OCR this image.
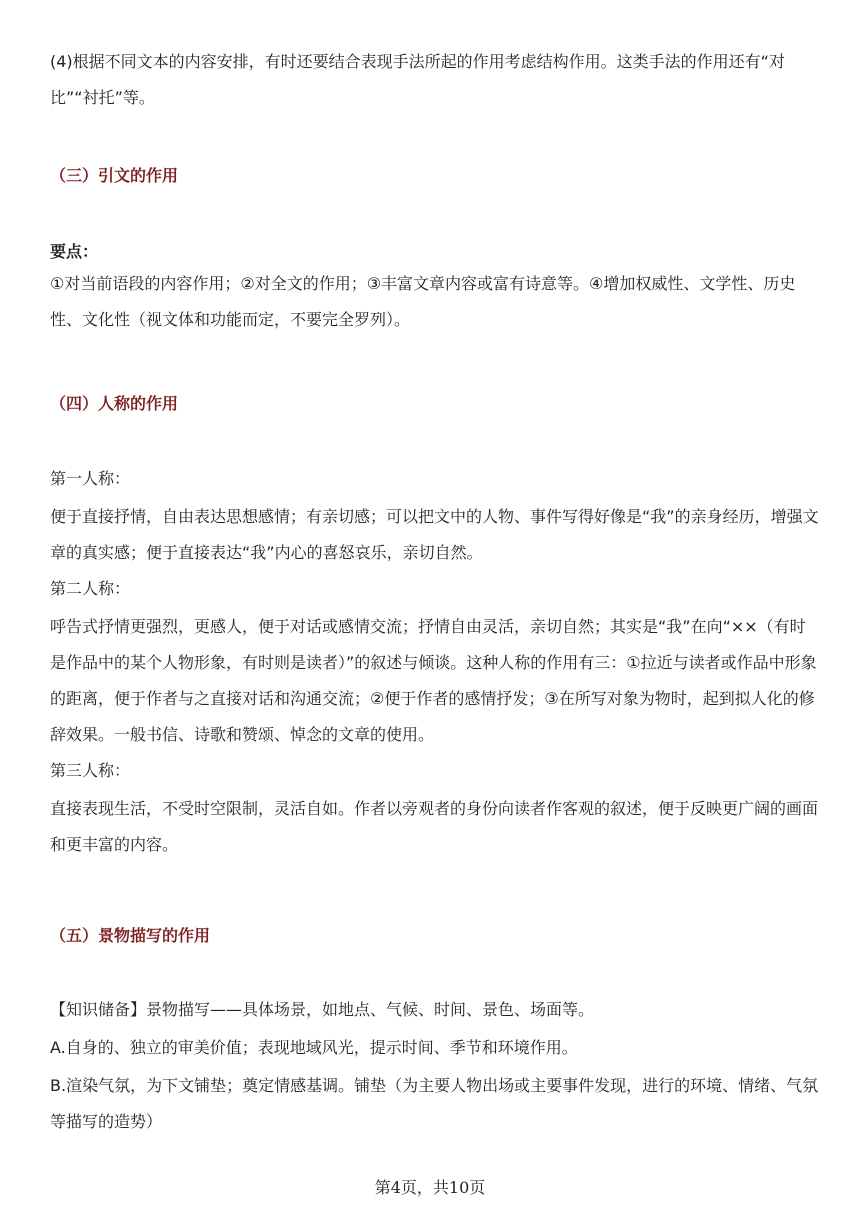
(4)根据不同文本的内容安排，有时还要结合表现手法所起的作用考虑结构作用。这类手法的作用还有“对比”“衬托”等。

（三）引文的作用

要点：

①对当前语段的内容作用；②对全文的作用；③丰富文章内容或富有诗意等。④增加权威性、文学性、历史性、文化性（视文体和功能而定，不要完全罗列）。

（四）人称的作用

第一人称：

便于直接抒情，自由表达思想感情；有亲切感；可以把文中的人物、事件写得好像是“我”的亲身经历，增强文章的真实感；便于直接表达“我”内心的喜怒哀乐，亲切自然。

第二人称：

呼告式抒情更强烈，更感人，便于对话或感情交流；抒情自由灵活，亲切自然；其实是“我”在向“××（有时是作品中的某个人物形象，有时则是读者）”的叙述与倾谈。这种人称的作用有三：①拉近与读者或作品中形象的距离，便于作者与之直接对话和沟通交流；②便于作者的感情抒发；③在所写对象为物时，起到拟人化的修辞效果。一般书信、诗歌和赞颂、悼念的文章的使用。

第三人称：

直接表现生活，不受时空限制，灵活自如。作者以旁观者的身份向读者作客观的叙述，便于反映更广阔的画面和更丰富的内容。

（五）景物描写的作用

【知识储备】景物描写——具体场景，如地点、气候、时间、景色、场面等。

A.自身的、独立的审美价值；表现地域风光，提示时间、季节和环境作用。

B.渲染气氛，为下文铺垫；奠定情感基调。铺垫（为主要人物出场或主要事件发现，进行的环境、情绪、气氛等描写的造势）

第4页，共10页
